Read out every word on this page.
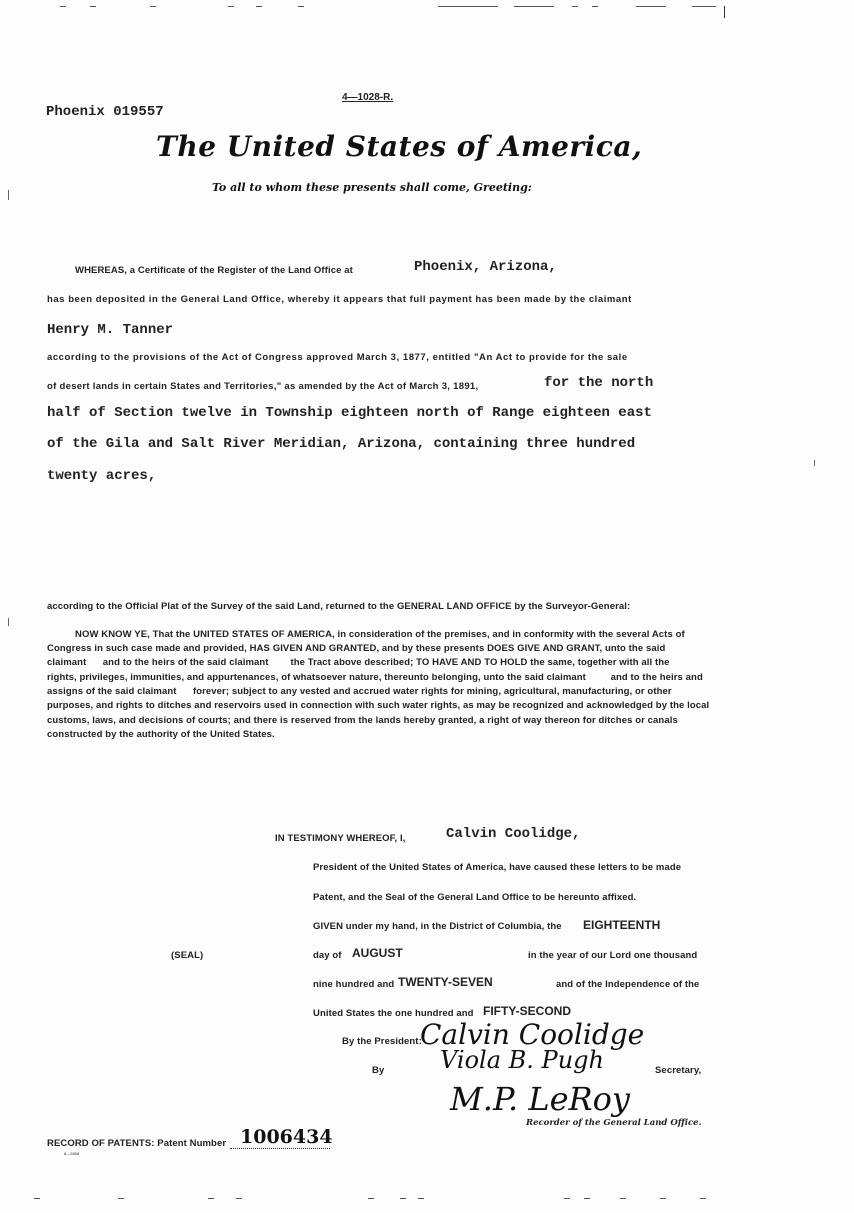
4—1028-R.
Phoenix 019557
The United States of America,
To all to whom these presents shall come, Greeting:
WHEREAS, a Certificate of the Register of the Land Office at	Phoenix, Arizona,
has been deposited in the General Land Office, whereby it appears that full payment has been made by the claimant
Henry M. Tanner
according to the provisions of the Act of Congress approved March 3, 1877, entitled "An Act to provide for the sale
of desert lands in certain States and Territories," as amended by the Act of March 3, 1891,	for the north
half of Section twelve in Township eighteen north of Range eighteen east
of the Gila and Salt River Meridian, Arizona, containing three hundred
twenty acres,
according to the Official Plat of the Survey of the said Land, returned to the GENERAL LAND OFFICE by the Surveyor-General:
NOW KNOW YE, That the UNITED STATES OF AMERICA, in consideration of the premises, and in conformity with the several Acts of
Congress in such case made and provided, HAS GIVEN AND GRANTED, and by these presents DOES GIVE AND GRANT, unto the said
claimant      and to the heirs of the said claimant        the Tract above described; TO HAVE AND TO HOLD the same, together with all the
rights, privileges, immunities, and appurtenances, of whatsoever nature, thereunto belonging, unto the said claimant         and to the heirs and
assigns of the said claimant      forever; subject to any vested and accrued water rights for mining, agricultural, manufacturing, or other
purposes, and rights to ditches and reservoirs used in connection with such water rights, as may be recognized and acknowledged by the local
customs, laws, and decisions of courts; and there is reserved from the lands hereby granted, a right of way thereon for ditches or canals
constructed by the authority of the United States.
IN TESTIMONY WHEREOF, I,	Calvin Coolidge,
President of the United States of America, have caused these letters to be made
Patent, and the Seal of the General Land Office to be hereunto affixed.
GIVEN under my hand, in the District of Columbia, the EIGHTEENTH
(SEAL)	day of AUGUST	in the year of our Lord one thousand
nine hundred and TWENTY-SEVEN	and of the Independence of the
United States the one hundred and FIFTY-SECOND
By the President:
Calvin Coolidge
By Viola B. Pugh	Secretary,
M.P. LeRoy
Recorder of the General Land Office.
RECORD OF PATENTS: Patent Number 1006434
8—2858
